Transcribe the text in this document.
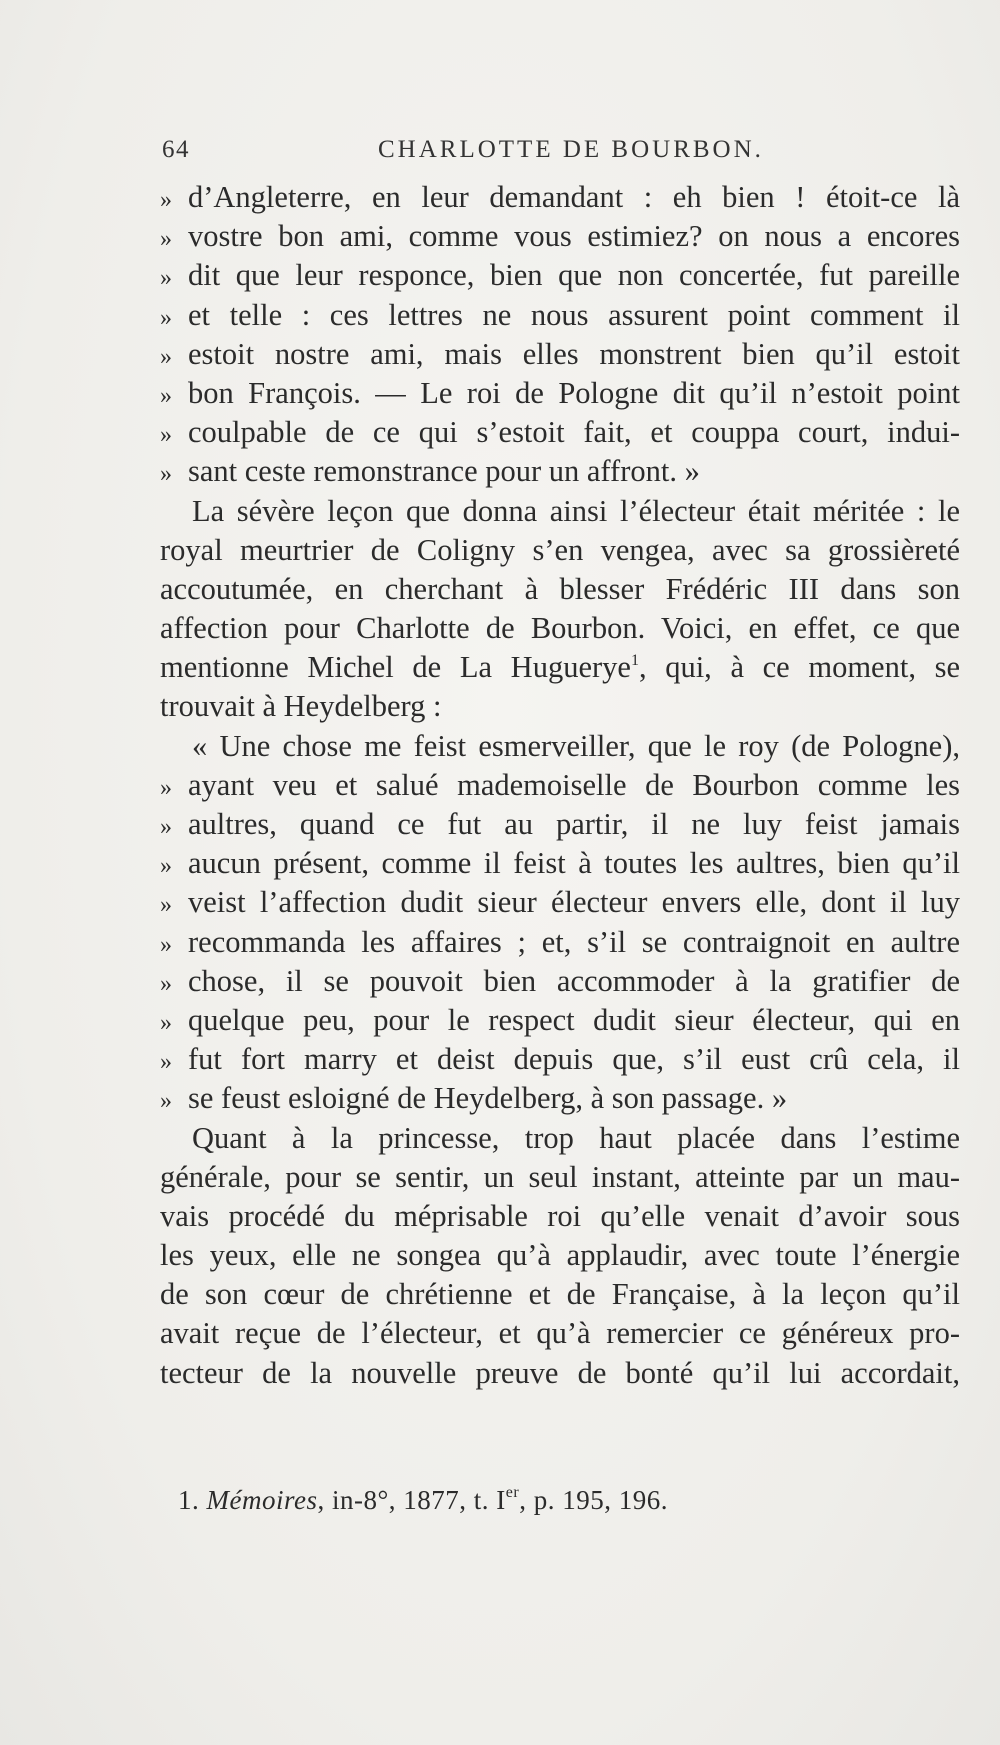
64	CHARLOTTE DE BOURBON.
» d’Angleterre, en leur demandant : eh bien ! étoit-ce là
» vostre bon ami, comme vous estimiez? on nous a encores
» dit que leur responce, bien que non concertée, fut pareille
» et telle : ces lettres ne nous assurent point comment il
» estoit nostre ami, mais elles monstrent bien qu’il estoit
» bon François. — Le roi de Pologne dit qu’il n’estoit point
» coulpable de ce qui s’estoit fait, et couppa court, indui-
» sant ceste remonstrance pour un affront. »
La sévère leçon que donna ainsi l’électeur était méritée : le
royal meurtrier de Coligny s’en vengea, avec sa grossièreté
accoutumée, en cherchant à blesser Frédéric III dans son
affection pour Charlotte de Bourbon. Voici, en effet, ce que
mentionne Michel de La Huguerye$^1$, qui, à ce moment, se
trouvait à Heydelberg :
« Une chose me feist esmerveiller, que le roy (de Pologne),
» ayant veu et salué mademoiselle de Bourbon comme les
» aultres, quand ce fut au partir, il ne luy feist jamais
» aucun présent, comme il feist à toutes les aultres, bien qu’il
» veist l’affection dudit sieur électeur envers elle, dont il luy
» recommanda les affaires ; et, s’il se contraignoit en aultre
» chose, il se pouvoit bien accommoder à la gratifier de
» quelque peu, pour le respect dudit sieur électeur, qui en
» fut fort marry et deist depuis que, s’il eust crû cela, il
» se feust esloigné de Heydelberg, à son passage. »
Quant à la princesse, trop haut placée dans l’estime
générale, pour se sentir, un seul instant, atteinte par un mau-
vais procédé du méprisable roi qu’elle venait d’avoir sous
les yeux, elle ne songea qu’à applaudir, avec toute l’énergie
de son cœur de chrétienne et de Française, à la leçon qu’il
avait reçue de l’électeur, et qu’à remercier ce généreux pro-
tecteur de la nouvelle preuve de bonté qu’il lui accordait,
1. Mémoires, in-8°, 1877, t. Ier, p. 195, 196.
